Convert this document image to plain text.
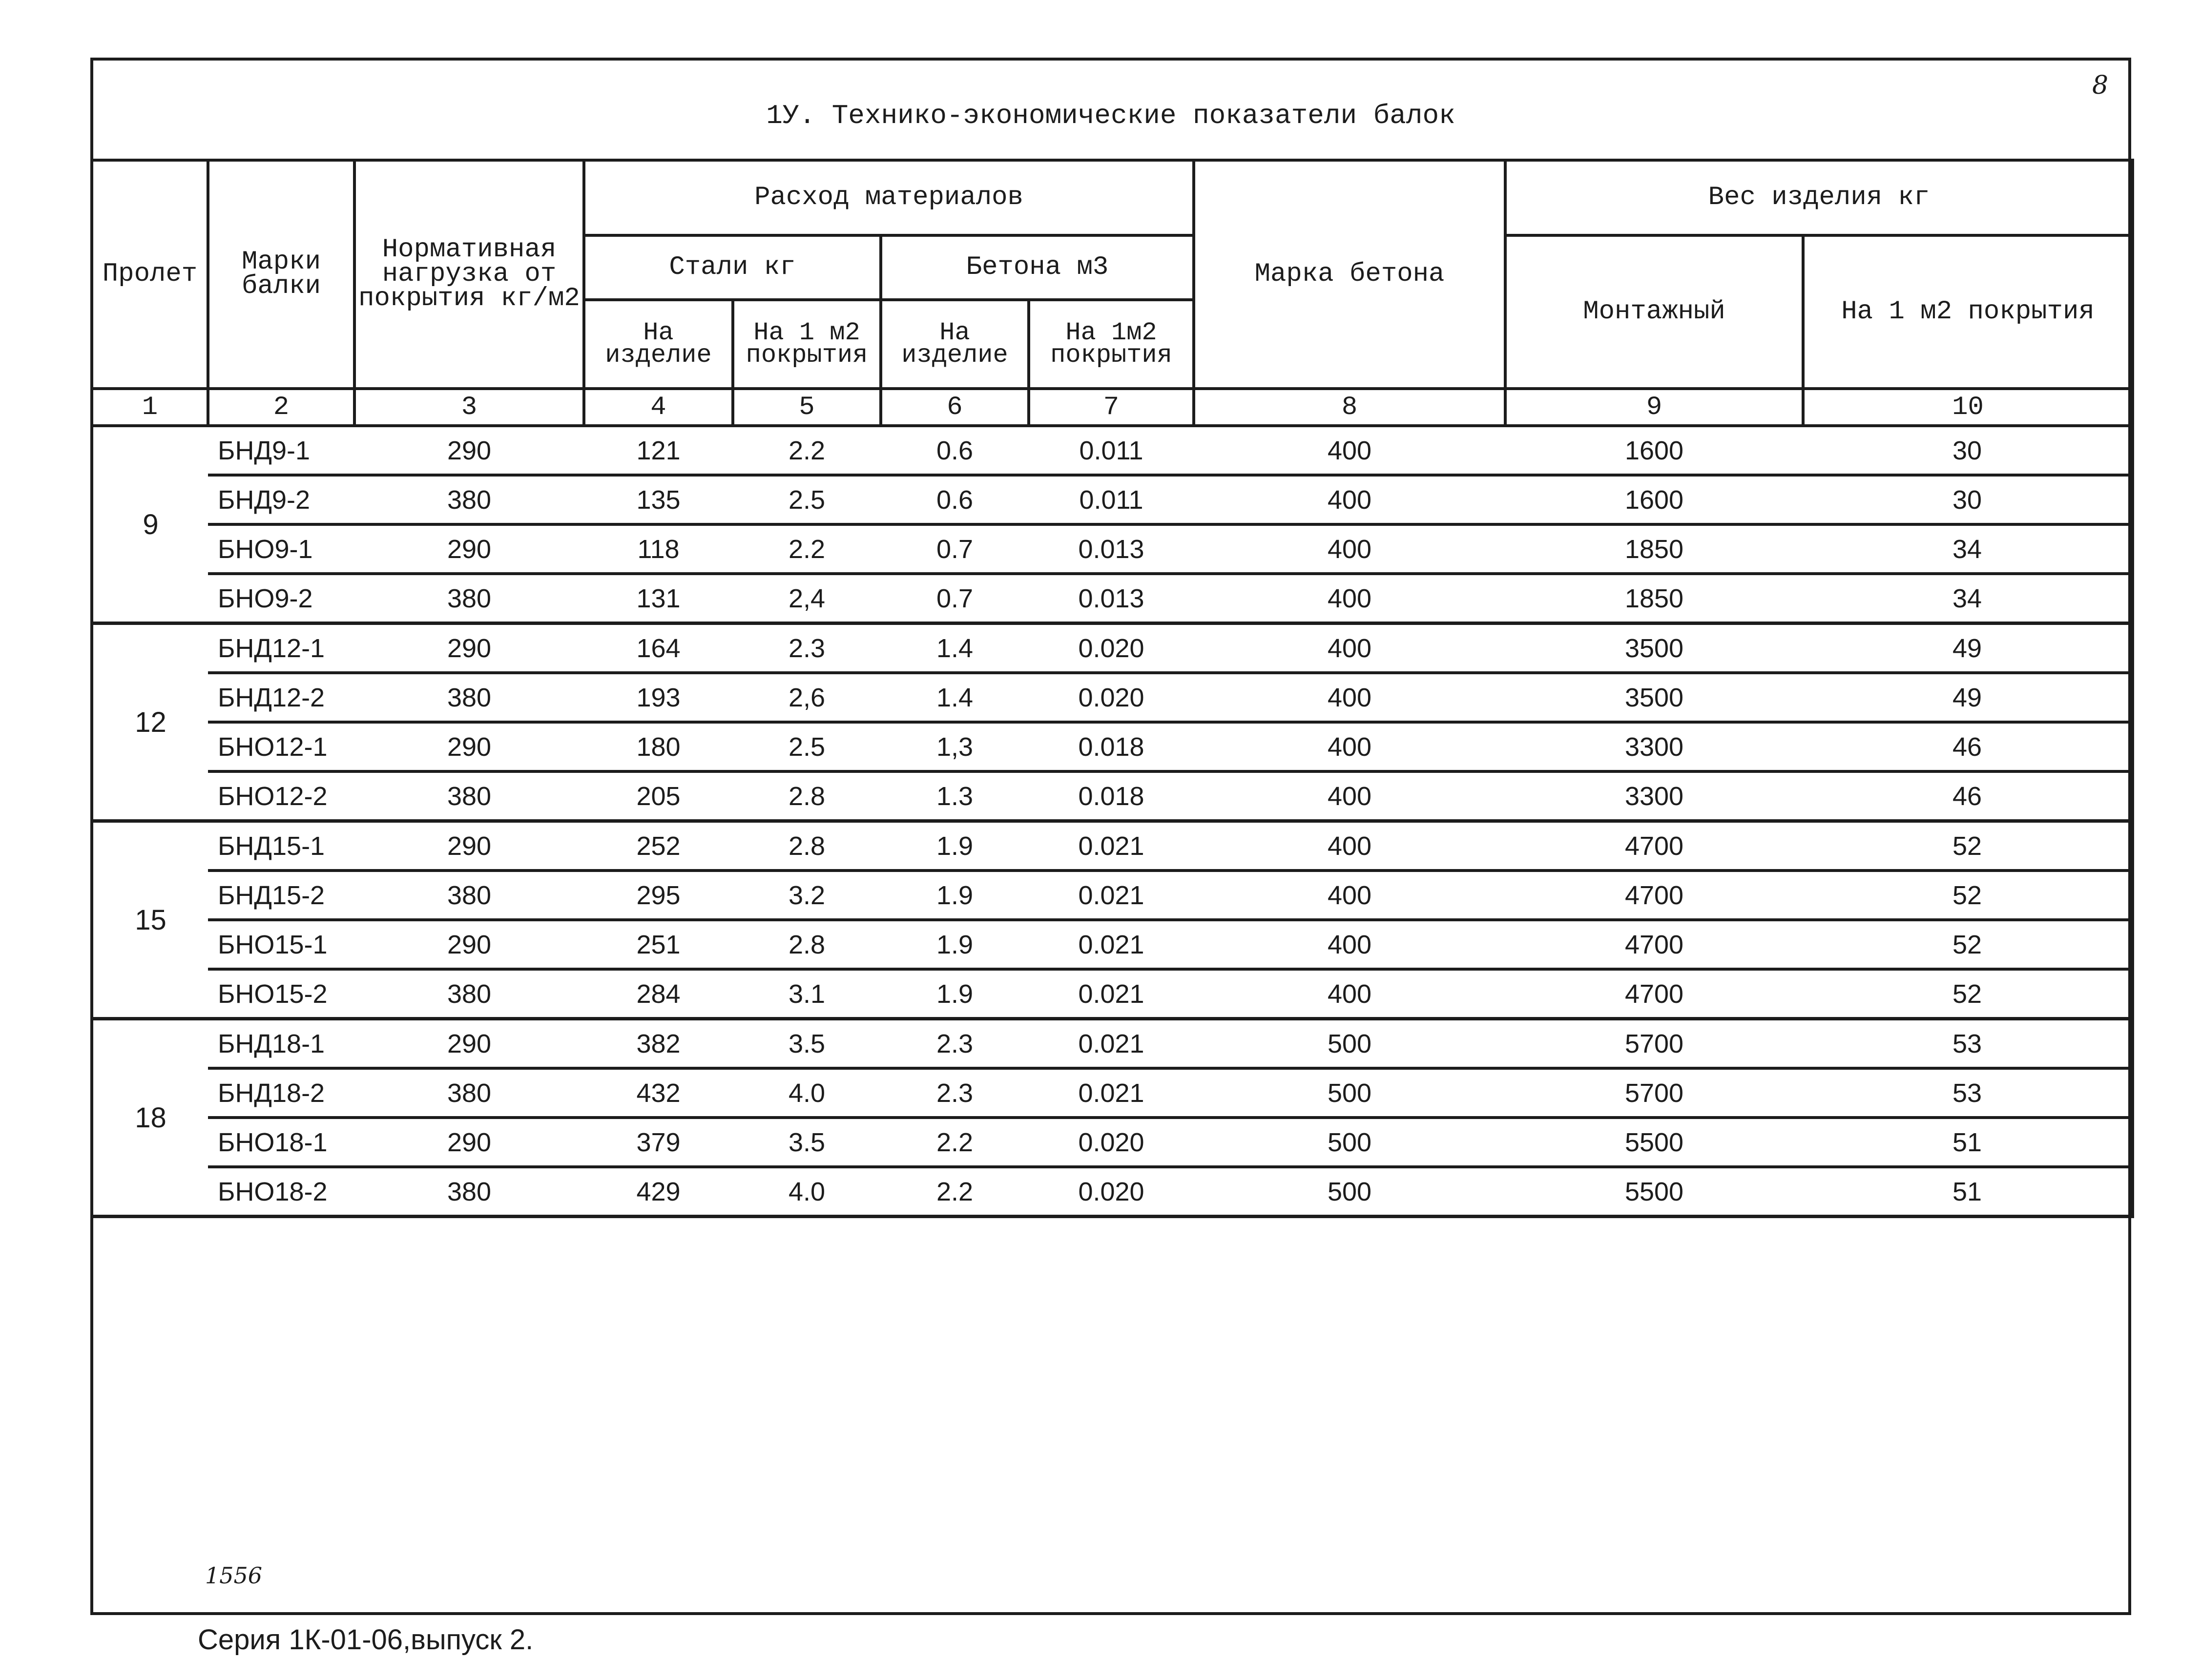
8
1У. Технико-экономические показатели балок
Пролет	Марки балки	Нормативная нагрузка от покрытия кг/м2	Расход материалов				Марка бетона	Вес изделия кг	
			Стали кг		Бетона м3			Монтажный	На 1 м2 покрытия
			На изделие	На 1 м2 покрытия	На изделие	На 1м2 покрытия			
1	2	3	4	5	6	7	8	9	10
9	БНД9-1	290	121	2.2	0.6	0.011	400	1600	30
	БНД9-2	380	135	2.5	0.6	0.011	400	1600	30
	БНО9-1	290	118	2.2	0.7	0.013	400	1850	34
	БНО9-2	380	131	2,4	0.7	0.013	400	1850	34
12	БНД12-1	290	164	2.3	1.4	0.020	400	3500	49
	БНД12-2	380	193	2,6	1.4	0.020	400	3500	49
	БНО12-1	290	180	2.5	1,3	0.018	400	3300	46
	БНО12-2	380	205	2.8	1.3	0.018	400	3300	46
15	БНД15-1	290	252	2.8	1.9	0.021	400	4700	52
	БНД15-2	380	295	3.2	1.9	0.021	400	4700	52
	БНО15-1	290	251	2.8	1.9	0.021	400	4700	52
	БНО15-2	380	284	3.1	1.9	0.021	400	4700	52
18	БНД18-1	290	382	3.5	2.3	0.021	500	5700	53
	БНД18-2	380	432	4.0	2.3	0.021	500	5700	53
	БНО18-1	290	379	3.5	2.2	0.020	500	5500	51
	БНО18-2	380	429	4.0	2.2	0.020	500	5500	51
1556
Серия 1К-01-06,выпуск 2.
